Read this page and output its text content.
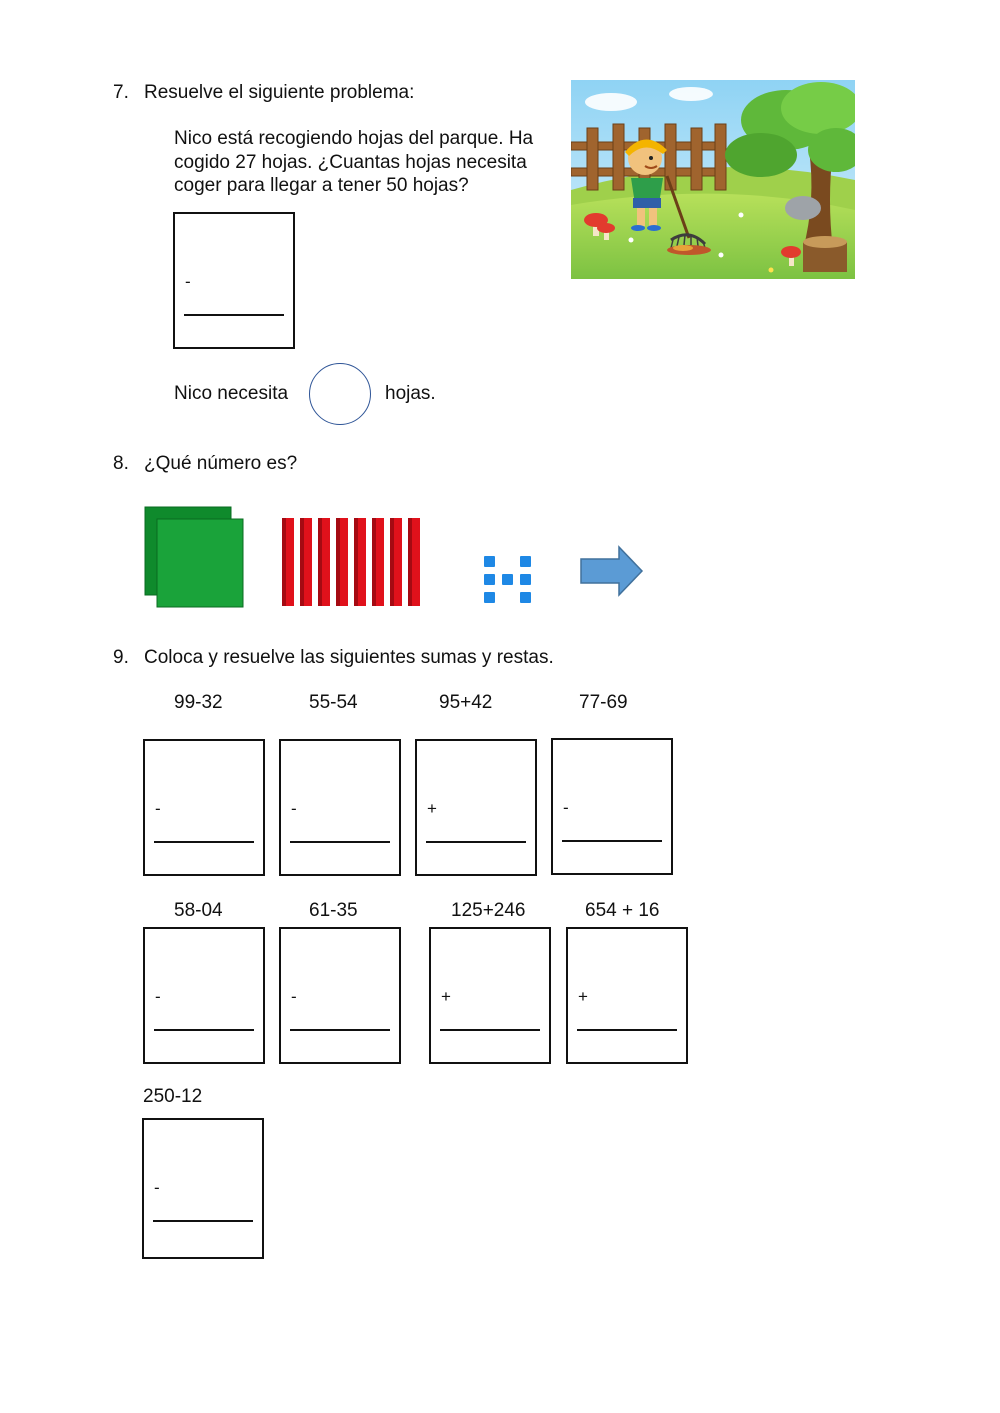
7. Resuelve el siguiente problema:
Nico está recogiendo hojas del parque. Ha
cogido 27 hojas. ¿Cuantas hojas necesita
coger para llegar a tener 50 hojas?
-
Nico necesita	hojas.
8. ¿Qué número es?
9. Coloca y resuelve las siguientes sumas y restas.
99-32	55-54	95+42	77-69
-	-	+	-
58-04	61-35	125+246	654 + 16
-	-	+	+
250-12
-
